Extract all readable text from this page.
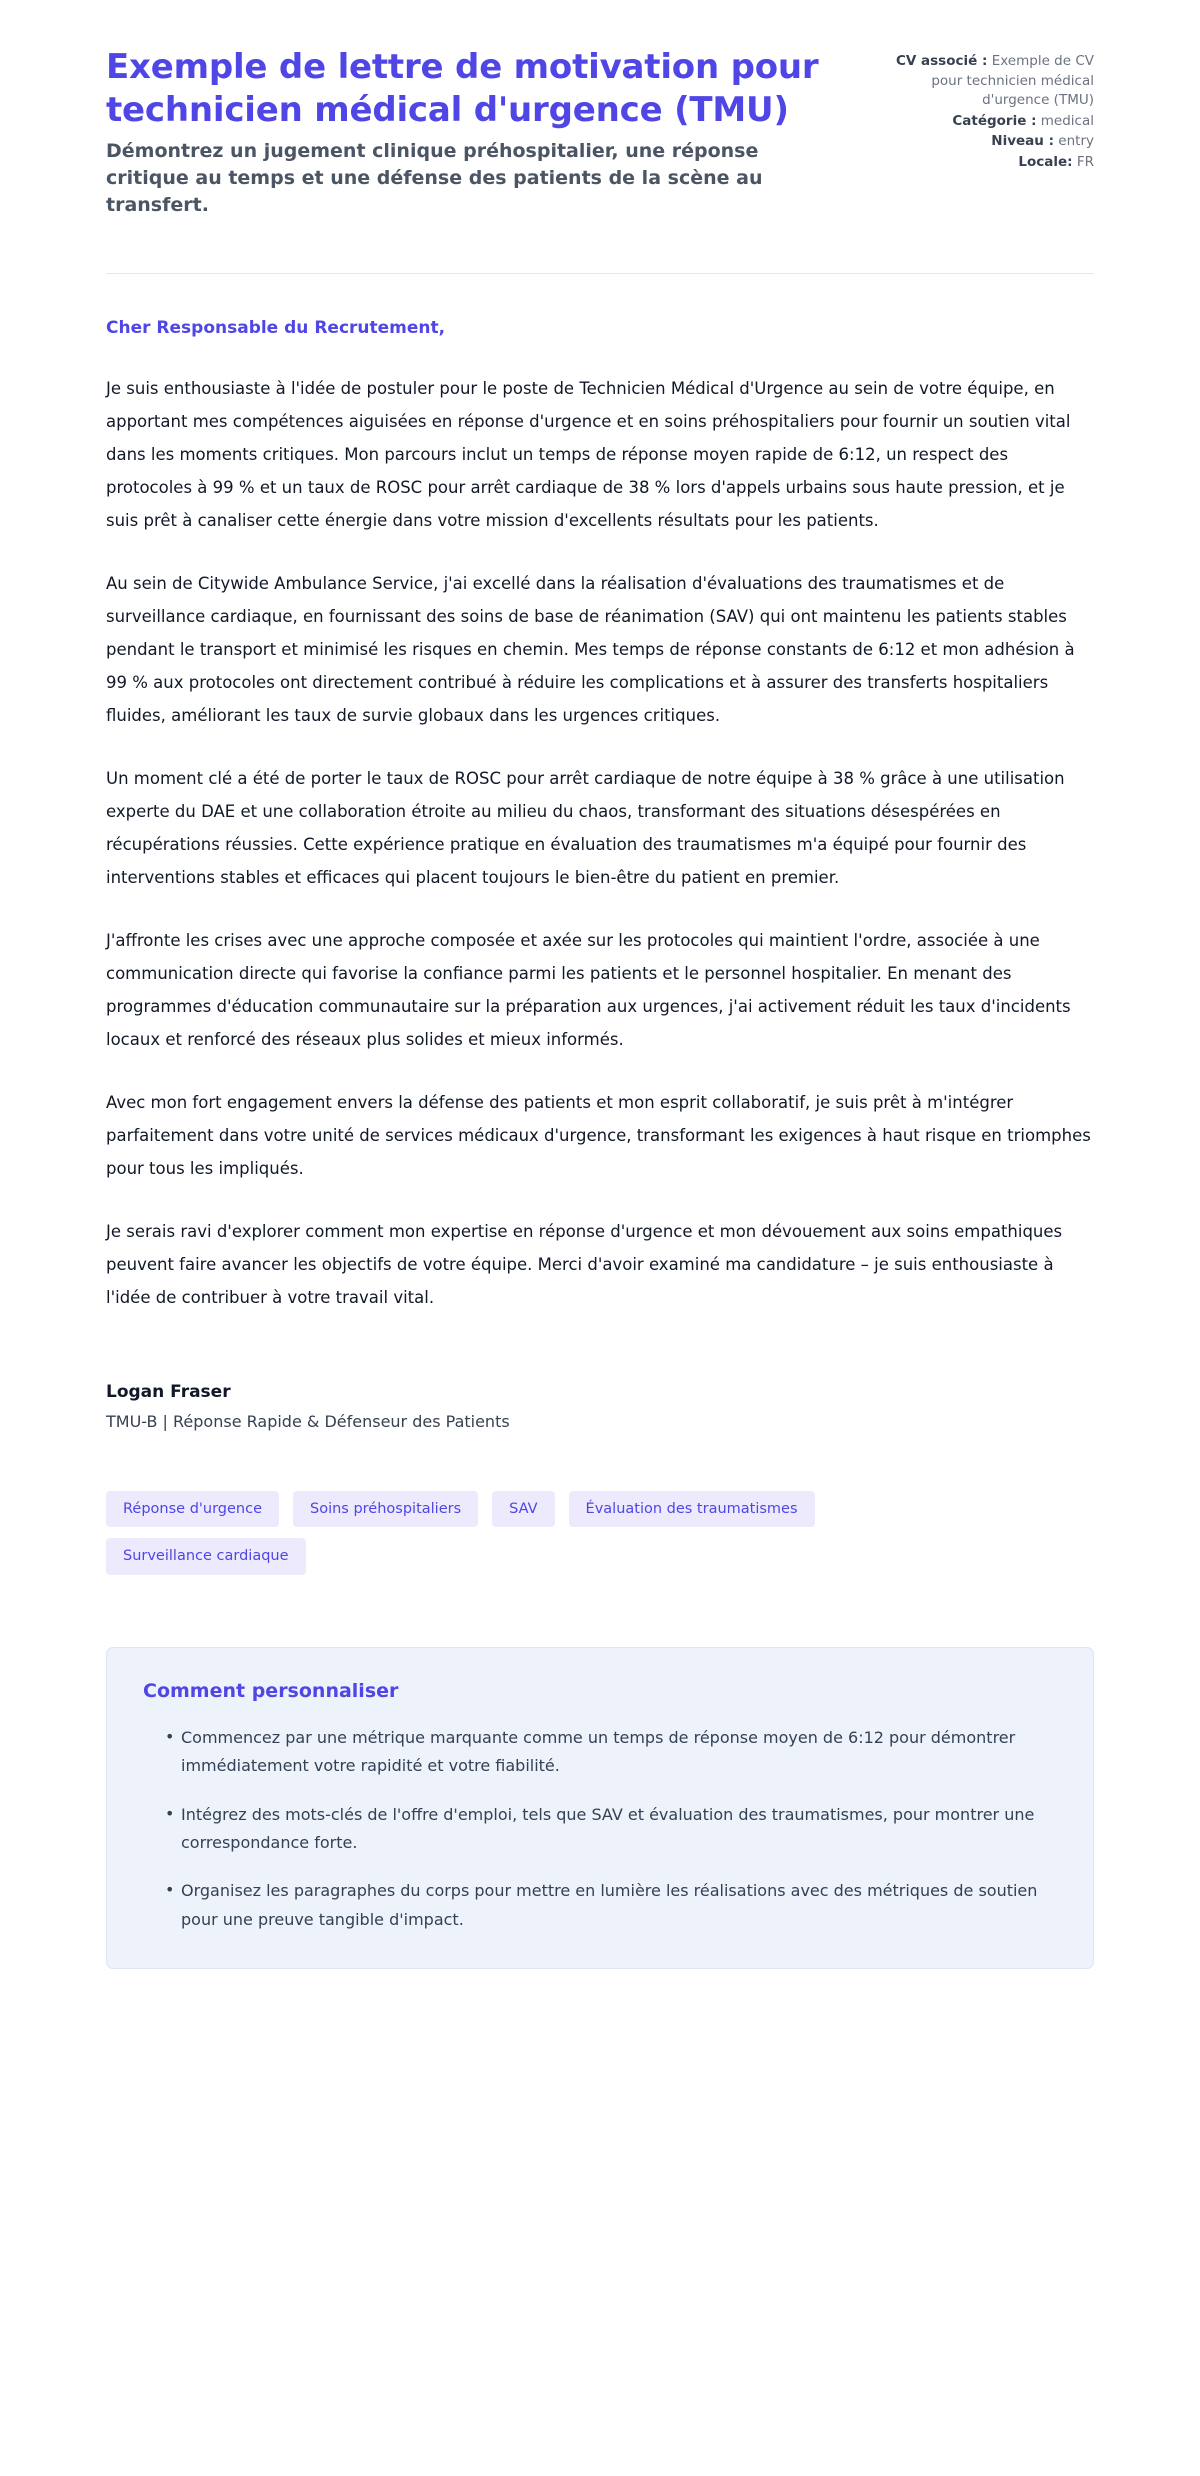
Exemple de lettre de motivation pour technicien médical d'urgence (TMU)

Démontrez un jugement clinique préhospitalier, une réponse critique au temps et une défense des patients de la scène au transfert.

CV associé : Exemple de CV pour technicien médical d'urgence (TMU)

Catégorie : medical

Niveau : entry

Locale: FR

Cher Responsable du Recrutement,

Je suis enthousiaste à l'idée de postuler pour le poste de Technicien Médical d'Urgence au sein de votre équipe, en apportant mes compétences aiguisées en réponse d'urgence et en soins préhospitaliers pour fournir un soutien vital dans les moments critiques. Mon parcours inclut un temps de réponse moyen rapide de 6:12, un respect des protocoles à 99 % et un taux de ROSC pour arrêt cardiaque de 38 % lors d'appels urbains sous haute pression, et je suis prêt à canaliser cette énergie dans votre mission d'excellents résultats pour les patients.

Au sein de Citywide Ambulance Service, j'ai excellé dans la réalisation d'évaluations des traumatismes et de surveillance cardiaque, en fournissant des soins de base de réanimation (SAV) qui ont maintenu les patients stables pendant le transport et minimisé les risques en chemin. Mes temps de réponse constants de 6:12 et mon adhésion à 99 % aux protocoles ont directement contribué à réduire les complications et à assurer des transferts hospitaliers fluides, améliorant les taux de survie globaux dans les urgences critiques.

Un moment clé a été de porter le taux de ROSC pour arrêt cardiaque de notre équipe à 38 % grâce à une utilisation experte du DAE et une collaboration étroite au milieu du chaos, transformant des situations désespérées en récupérations réussies. Cette expérience pratique en évaluation des traumatismes m'a équipé pour fournir des interventions stables et efficaces qui placent toujours le bien-être du patient en premier.

J'affronte les crises avec une approche composée et axée sur les protocoles qui maintient l'ordre, associée à une communication directe qui favorise la confiance parmi les patients et le personnel hospitalier. En menant des programmes d'éducation communautaire sur la préparation aux urgences, j'ai activement réduit les taux d'incidents locaux et renforcé des réseaux plus solides et mieux informés.

Avec mon fort engagement envers la défense des patients et mon esprit collaboratif, je suis prêt à m'intégrer parfaitement dans votre unité de services médicaux d'urgence, transformant les exigences à haut risque en triomphes pour tous les impliqués.

Je serais ravi d'explorer comment mon expertise en réponse d'urgence et mon dévouement aux soins empathiques peuvent faire avancer les objectifs de votre équipe. Merci d'avoir examiné ma candidature – je suis enthousiaste à l'idée de contribuer à votre travail vital.

Logan Fraser

TMU-B | Réponse Rapide & Défenseur des Patients

Réponse d'urgence	Soins préhospitaliers	SAV	Évaluation des traumatismes
Surveillance cardiaque
Comment personnaliser
• Commencez par une métrique marquante comme un temps de réponse moyen de 6:12 pour démontrer immédiatement votre rapidité et votre fiabilité.
• Intégrez des mots-clés de l'offre d'emploi, tels que SAV et évaluation des traumatismes, pour montrer une correspondance forte.
• Organisez les paragraphes du corps pour mettre en lumière les réalisations avec des métriques de soutien pour une preuve tangible d'impact.
